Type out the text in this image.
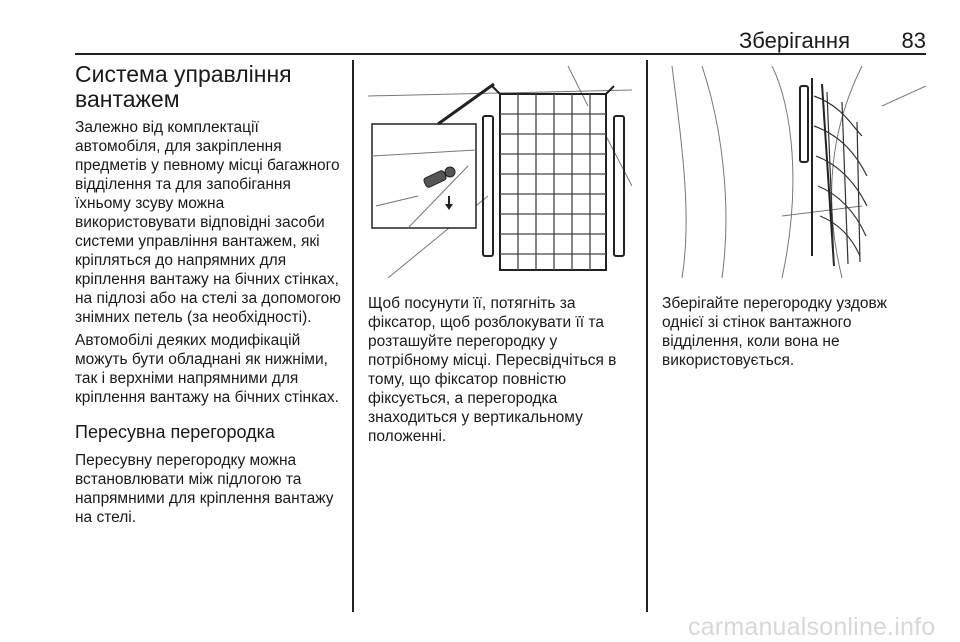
Зберігання	83
Система управління вантажем

Залежно від комплектації автомобіля, для закріплення предметів у певному місці багажного відділення та для запобігання їхньому зсуву можна використовувати відповідні засоби системи управління вантажем, які кріпляться до напрямних для кріплення вантажу на бічних стінках, на підлозі або на стелі за допомогою знімних петель (за необхідності).

Автомобілі деяких модифікацій можуть бути обладнані як нижніми, так і верхніми напрямними для кріплення вантажу на бічних стінках.

Пересувна перегородка

Пересувну перегородку можна встановлювати між підлогою та напрямними для кріплення вантажу на стелі.

Щоб посунути її, потягніть за фіксатор, щоб розблокувати її та розташуйте перегородку у потрібному місці. Пересвідчіться в тому, що фіксатор повністю фіксується, а перегородка знаходиться у вертикальному положенні.
Зберігайте перегородку уздовж однієї зі стінок вантажного відділення, коли вона не використовується.
carmanualsonline.info
